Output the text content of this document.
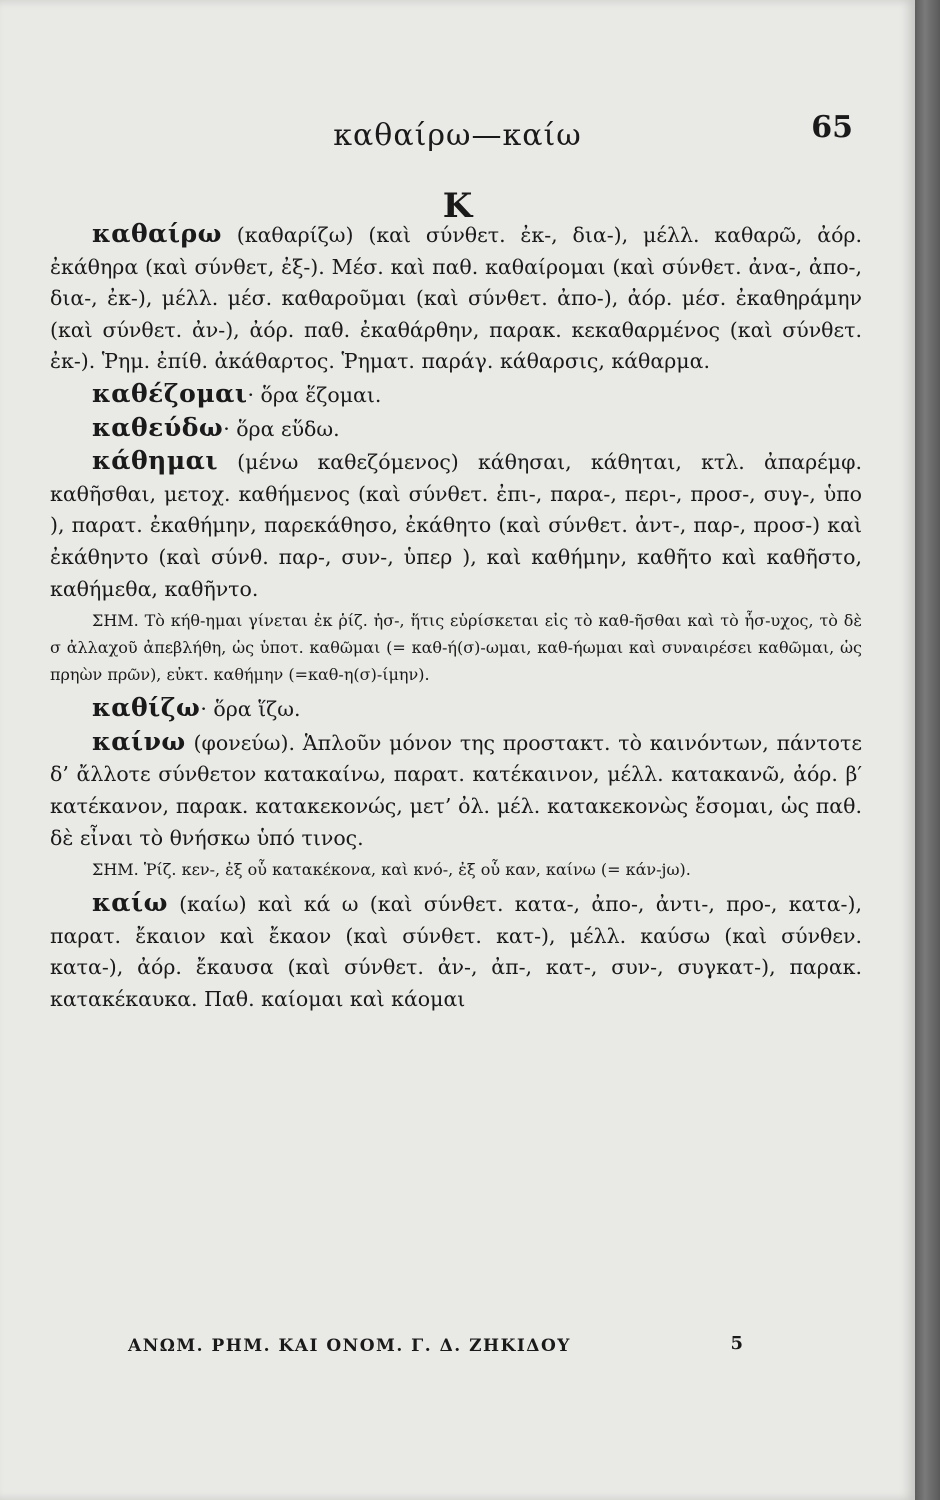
καθαίρω—καίω	65
Κ

καθαίρω (καθαρίζω) (καὶ σύνθετ. ἐκ-, δια-), μέλλ. καθαρῶ, ἀόρ. ἐκάθηρα (καὶ σύνθετ, ἐξ-). Μέσ. καὶ παθ. καθαίρομαι (καὶ σύνθετ. ἀνα-, ἀπο-, δια-, ἐκ-), μέλλ. μέσ. καθαροῦμαι (καὶ σύνθετ. ἀπο-), ἀόρ. μέσ. ἐκαθηράμην (καὶ σύνθετ. ἀν-), ἀόρ. παθ. ἐκαθάρθην, παρακ. κεκαθαρμένος (καὶ σύνθετ. ἐκ-). Ῥημ. ἐπίθ. ἀκάθαρτος. Ῥηματ. παράγ. κάθαρσις, κάθαρμα.

καθέζομαι· ὅρα ἕζομαι.

καθεύδω· ὅρα εὕδω.

κάθημαι (μένω καθεζόμενος) κάθησαι, κάθηται, κτλ. ἀπαρέμφ. καθῆσθαι, μετοχ. καθήμενος (καὶ σύνθετ. ἐπι-, παρα-, περι-, προσ-, συγ-, ὑπο ), παρατ. ἐκαθήμην, παρεκάθησο, ἐκάθητο (καὶ σύνθετ. ἀντ-, παρ-, προσ-) καὶ ἐκάθηντο (καὶ σύνθ. παρ-, συν-, ὑπερ ), καὶ καθήμην, καθῆτο καὶ καθῆστο, καθήμεθα, καθῆντο.

ΣΗΜ. Τὸ κήθ-ημαι γίνεται ἐκ ῥίζ. ἡσ-, ἥτις εὑρίσκεται εἰς τὸ καθ-ῆσθαι καὶ τὸ ἧσ-υχος, τὸ δὲ σ ἀλλαχοῦ ἀπεβλήθη, ὡς ὑποτ. καθῶμαι (= καθ-ή(σ)-ωμαι, καθ-ήωμαι καὶ συναιρέσει καθῶμαι, ὡς πρηὼν πρῶν), εὐκτ. καθήμην (=καθ-η(σ)-ίμην).

καθίζω· ὅρα ἵζω.

καίνω (φονεύω). Ἁπλοῦν μόνον της προστακτ. τὸ καινόντων, πάντοτε δ’ ἄλλοτε σύνθετον κατακαίνω, παρατ. κατέκαινον, μέλλ. κατακανῶ, ἀόρ. β′ κατέκανον, παρακ. κατακεκονώς, μετ’ ὀλ. μέλ. κατακεκονὼς ἔσομαι, ὡς παθ. δὲ εἶναι τὸ θνήσκω ὑπό τινος.

ΣΗΜ. Ῥίζ. κεν-, ἐξ οὗ κατακέκονα, καὶ κνό-, ἐξ οὗ καν, καίνω (= κάν-jω).

καίω (καίω) καὶ κά ω (καὶ σύνθετ. κατα-, ἀπο-, ἀντι-, προ-, κατα-), παρατ. ἔκαιον καὶ ἔκαον (καὶ σύνθετ. κατ-), μέλλ. καύσω (καὶ σύνθεν. κατα-), ἀόρ. ἔκαυσα (καὶ σύνθετ. ἀν-, ἀπ-, κατ-, συν-, συγκατ-), παρακ. κατακέκαυκα. Παθ. καίομαι καὶ κάομαι

ΑΝΩΜ. ΡΗΜ. ΚΑΙ ΟΝΟΜ. Γ. Δ. ΖΗΚΙΔΟΥ	5
